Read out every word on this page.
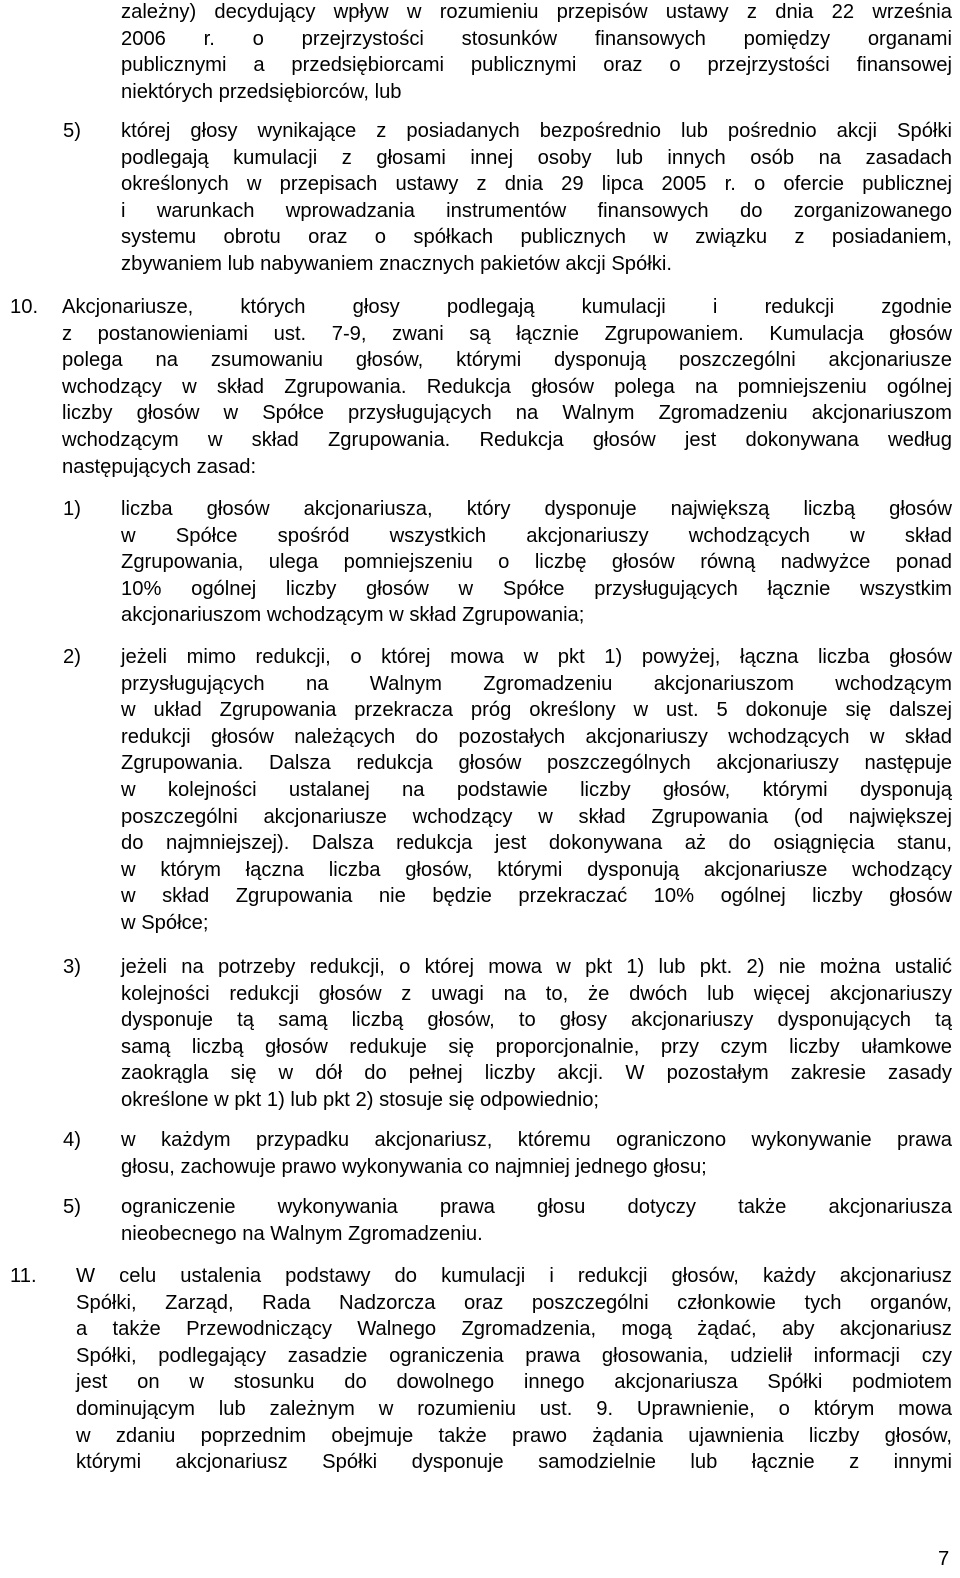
zależny) decydujący wpływ w rozumieniu przepisów ustawy z dnia 22 września
2006 r. o przejrzystości stosunków finansowych pomiędzy organami
publicznymi a przedsiębiorcami publicznymi oraz o przejrzystości finansowej
niektórych przedsiębiorców, lub
5) której głosy wynikające z posiadanych bezpośrednio lub pośrednio akcji Spółki
podlegają kumulacji z głosami innej osoby lub innych osób na zasadach
określonych w przepisach ustawy z dnia 29 lipca 2005 r. o ofercie publicznej
i warunkach wprowadzania instrumentów finansowych do zorganizowanego
systemu obrotu oraz o spółkach publicznych w związku z posiadaniem,
zbywaniem lub nabywaniem znacznych pakietów akcji Spółki.
10. Akcjonariusze, których głosy podlegają kumulacji i redukcji zgodnie
z postanowieniami ust. 7-9, zwani są łącznie Zgrupowaniem. Kumulacja głosów
polega na zsumowaniu głosów, którymi dysponują poszczególni akcjonariusze
wchodzący w skład Zgrupowania. Redukcja głosów polega na pomniejszeniu ogólnej
liczby głosów w Spółce przysługujących na Walnym Zgromadzeniu akcjonariuszom
wchodzącym w skład Zgrupowania. Redukcja głosów jest dokonywana według
następujących zasad:
1) liczba głosów akcjonariusza, który dysponuje największą liczbą głosów
w Spółce spośród wszystkich akcjonariuszy wchodzących w skład
Zgrupowania, ulega pomniejszeniu o liczbę głosów równą nadwyżce ponad
10% ogólnej liczby głosów w Spółce przysługujących łącznie wszystkim
akcjonariuszom wchodzącym w skład Zgrupowania;
2) jeżeli mimo redukcji, o której mowa w pkt 1) powyżej, łączna liczba głosów
przysługujących na Walnym Zgromadzeniu akcjonariuszom wchodzącym
w układ Zgrupowania przekracza próg określony w ust. 5 dokonuje się dalszej
redukcji głosów należących do pozostałych akcjonariuszy wchodzących w skład
Zgrupowania. Dalsza redukcja głosów poszczególnych akcjonariuszy następuje
w kolejności ustalanej na podstawie liczby głosów, którymi dysponują
poszczególni akcjonariusze wchodzący w skład Zgrupowania (od największej
do najmniejszej). Dalsza redukcja jest dokonywana aż do osiągnięcia stanu,
w którym łączna liczba głosów, którymi dysponują akcjonariusze wchodzący
w skład Zgrupowania nie będzie przekraczać 10% ogólnej liczby głosów
w Spółce;
3) jeżeli na potrzeby redukcji, o której mowa w pkt 1) lub pkt. 2) nie można ustalić
kolejności redukcji głosów z uwagi na to, że dwóch lub więcej akcjonariuszy
dysponuje tą samą liczbą głosów, to głosy akcjonariuszy dysponujących tą
samą liczbą głosów redukuje się proporcjonalnie, przy czym liczby ułamkowe
zaokrągla się w dół do pełnej liczby akcji. W pozostałym zakresie zasady
określone w pkt 1) lub pkt 2) stosuje się odpowiednio;
4) w każdym przypadku akcjonariusz, któremu ograniczono wykonywanie prawa
głosu, zachowuje prawo wykonywania co najmniej jednego głosu;
5) ograniczenie wykonywania prawa głosu dotyczy także akcjonariusza
nieobecnego na Walnym Zgromadzeniu.
11. W celu ustalenia podstawy do kumulacji i redukcji głosów, każdy akcjonariusz
Spółki, Zarząd, Rada Nadzorcza oraz poszczególni członkowie tych organów,
a także Przewodniczący Walnego Zgromadzenia, mogą żądać, aby akcjonariusz
Spółki, podlegający zasadzie ograniczenia prawa głosowania, udzielił informacji czy
jest on w stosunku do dowolnego innego akcjonariusza Spółki podmiotem
dominującym lub zależnym w rozumieniu ust. 9. Uprawnienie, o którym mowa
w zdaniu poprzednim obejmuje także prawo żądania ujawnienia liczby głosów,
którymi akcjonariusz Spółki dysponuje samodzielnie lub łącznie z innymi
7
